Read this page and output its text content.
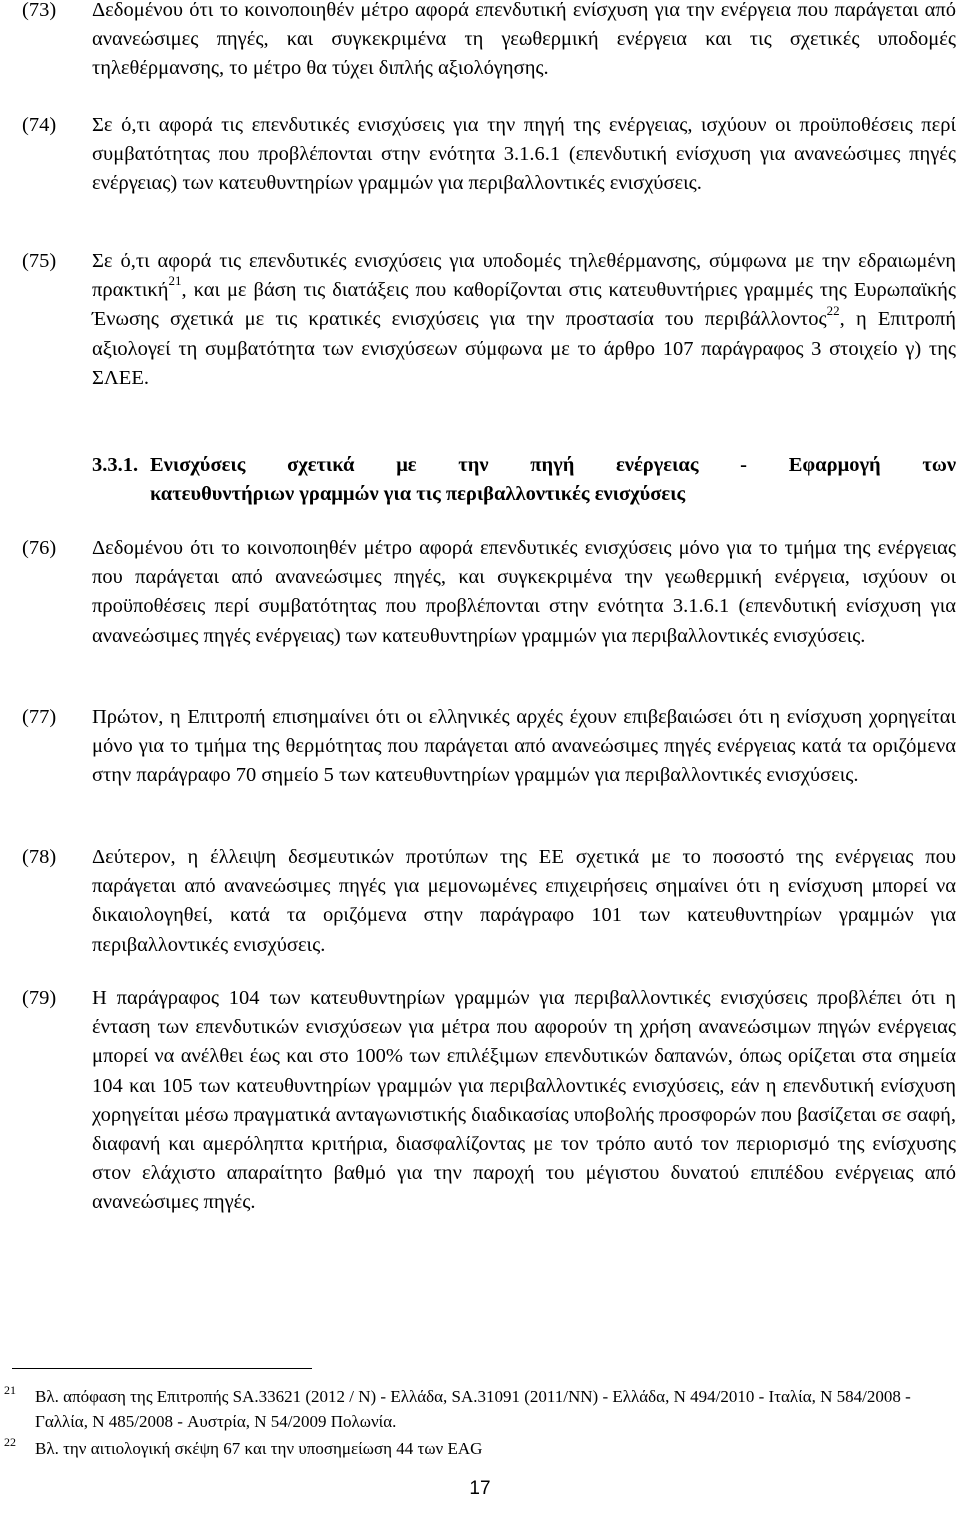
(73)	Δεδομένου ότι το κοινοποιηθέν μέτρο αφορά επενδυτική ενίσχυση για την ενέργεια που παράγεται από ανανεώσιμες πηγές, και συγκεκριμένα τη γεωθερμική ενέργεια και τις σχετικές υποδομές τηλεθέρμανσης, το μέτρο θα τύχει διπλής αξιολόγησης.
(74)	Σε ό,τι αφορά τις επενδυτικές ενισχύσεις για την πηγή της ενέργειας, ισχύουν οι προϋποθέσεις περί συμβατότητας που προβλέπονται στην ενότητα 3.1.6.1 (επενδυτική ενίσχυση για ανανεώσιμες πηγές ενέργειας) των κατευθυντηρίων γραμμών για περιβαλλοντικές ενισχύσεις.
(75)	Σε ό,τι αφορά τις επενδυτικές ενισχύσεις για υποδομές τηλεθέρμανσης, σύμφωνα με την εδραιωμένη πρακτική$^{21}$, και με βάση τις διατάξεις που καθορίζονται στις κατευθυντήριες γραμμές της Ευρωπαϊκής Ένωσης σχετικά με τις κρατικές ενισχύσεις για την προστασία του περιβάλλοντος$^{22}$, η Επιτροπή αξιολογεί τη συμβατότητα των ενισχύσεων σύμφωνα με το άρθρο 107 παράγραφος 3 στοιχείο γ) της ΣΛΕΕ.
3.3.1. Ενισχύσεις σχετικά με την πηγή ενέργειας - Εφαρμογή των
κατευθυντήριων γραμμών για τις περιβαλλοντικές ενισχύσεις
(76)	Δεδομένου ότι το κοινοποιηθέν μέτρο αφορά επενδυτικές ενισχύσεις μόνο για το τμήμα της ενέργειας που παράγεται από ανανεώσιμες πηγές, και συγκεκριμένα την γεωθερμική ενέργεια, ισχύουν οι προϋποθέσεις περί συμβατότητας που προβλέπονται στην ενότητα 3.1.6.1 (επενδυτική ενίσχυση για ανανεώσιμες πηγές ενέργειας) των κατευθυντηρίων γραμμών για περιβαλλοντικές ενισχύσεις.
(77)	Πρώτον, η Επιτροπή επισημαίνει ότι οι ελληνικές αρχές έχουν επιβεβαιώσει ότι η ενίσχυση χορηγείται μόνο για το τμήμα της θερμότητας που παράγεται από ανανεώσιμες πηγές ενέργειας κατά τα οριζόμενα στην παράγραφο 70 σημείο 5 των κατευθυντηρίων γραμμών για περιβαλλοντικές ενισχύσεις.
(78)	Δεύτερον, η έλλειψη δεσμευτικών προτύπων της ΕΕ σχετικά με το ποσοστό της ενέργειας που παράγεται από ανανεώσιμες πηγές για μεμονωμένες επιχειρήσεις σημαίνει ότι η ενίσχυση μπορεί να δικαιολογηθεί, κατά τα οριζόμενα στην παράγραφο 101 των κατευθυντηρίων γραμμών για περιβαλλοντικές ενισχύσεις.
(79)	Η παράγραφος 104 των κατευθυντηρίων γραμμών για περιβαλλοντικές ενισχύσεις προβλέπει ότι η ένταση των επενδυτικών ενισχύσεων για μέτρα που αφορούν τη χρήση ανανεώσιμων πηγών ενέργειας μπορεί να ανέλθει έως και στο 100% των επιλέξιμων επενδυτικών δαπανών, όπως ορίζεται στα σημεία 104 και 105 των κατευθυντηρίων γραμμών για περιβαλλοντικές ενισχύσεις, εάν η επενδυτική ενίσχυση χορηγείται μέσω πραγματικά ανταγωνιστικής διαδικασίας υποβολής προσφορών που βασίζεται σε σαφή, διαφανή και αμερόληπτα κριτήρια, διασφαλίζοντας με τον τρόπο αυτό τον περιορισμό της ενίσχυσης στον ελάχιστο απαραίτητο βαθμό για την παροχή του μέγιστου δυνατού επιπέδου ενέργειας από ανανεώσιμες πηγές.
21 Βλ. απόφαση της Επιτροπής SA.33621 (2012 / N) - Ελλάδα, SA.31091 (2011/NN) - Ελλάδα, N 494/2010 - Ιταλία, N 584/2008 - Γαλλία, N 485/2008 - Αυστρία, N 54/2009 Πολωνία.
22 Βλ. την αιτιολογική σκέψη 67 και την υποσημείωση 44 των EAG
17
